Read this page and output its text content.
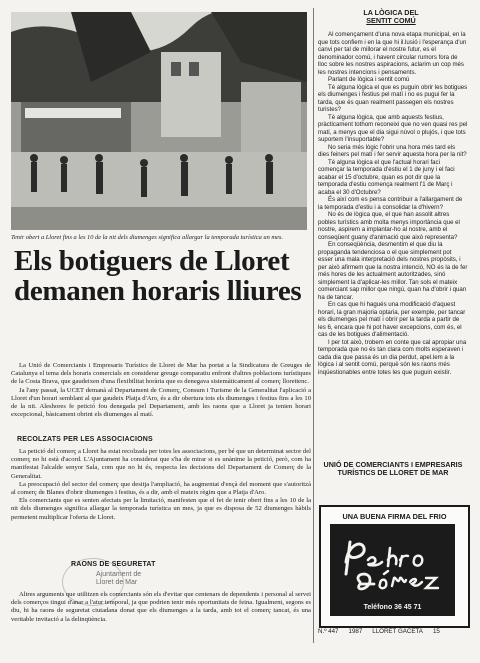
Tenir obert a Lloret fins a les 10 de la nit dels diumenges significa allargar la temporada turística un mes.
Els botiguers de Lloret demanen horaris lliures

La Unió de Comerciants i Empresaris Turístics de Lloret de Mar ha portat a la Sindicatura de Greuges de Catalunya el tema dels horaris comercials en considerar greuge comparatiu enfront d'altres poblacions turístiques de la Costa Brava, que gaudeixen d'una flexibilitat horària que es denegava sistemàticament al comerç llorettenc.

Ja l'any passat, la UCET demanà al Departament de Comerç, Consum i Turisme de la Generalitat l'aplicació a Lloret d'un horari semblant al que gaudeix Platja d'Aro, és a dir obertura tots els diumenges i festius fins a les 10 de la nit. Aleshores fe petició fou denegada pel Departament, amb les raons que a Lloret ja tenien horari excepcional, bàsicament obrint els diumenges al matí.

RECOLZATS PER LES ASSOCIACIONS

La petició del comerç a Lloret ha estat recolzada per totes les associacions, per bé que un determinat sector del comerç no hi està d'acord. L'Ajuntament ha considerat que s'ha de mirar si es unànime la petició, però, com ha manifestat l'alcalde senyor Sala, com que no hi és, respecta les decisions del Departament de Comerç de la Generalitat.

La preocupació del sector del comerç que desitja l'ampliació, ha augmentat d'ençà del moment que s'autoritzà al comerç de Blanes d'obrir diumenges i festius, és a dir, amb el mateix règim que a Platja d'Aro.

Els comerciants que es senten afectats per la limitació, manifesten que el fet de tenir obert fins a les 10 de la nit dels diumenges significa allargar la temporada turística un mes, ja que es disposa de 52 diumenges hàbils permetent multiplicar l'oferta de Lloret.

Ajuntament de
Lloret de Mar
RAONS DE SEGURETAT

Altres arguments que utilitzen els comerciants són els d'evitar que centenars de dependents i personal al servei dels comerços tingui d'anar a l'atur temporal, ja que podrien tenir més oportunitats de feina. Igualment, segons es diu, hi ha raons de seguretat ciutadana donat que els diumenges a la tarda, amb tot el comerç tancat, és una veritable invitació a la delinqüència.

LA LÒGICA DEL
SENTIT COMÚ

Al començament d'una nova etapa municipal, en la que tots confiem i en la que hi il.lusió i l'esperança d'un canvi per tal de millorar el nostre futur, es el denominador comú, i havent circular rumors fora de lloc sobre les nostres aspiracions, aclarim un cop més les nostres intencions i pensaments.

Parlant de lògica i sentit comú

Té alguna lògica el que es puguin obrir les botigues els diumenges i festius pel matí i no es pugui fer la tarda, que és quan realment passegen els nostres turistes?

Té alguna lògica, que amb aquests festius, pràcticament tothom reconeixi que no ven quasi res pel matí, a menys que el dia sigui núvol o plujós, i que tots suportem l'insuportable?

No seria més lògic l'obrir una hora més tard els dies feiners pel matí i fer servir aquesta hora per la nit?

Té alguna lògica el que l'actual horari faci començar la temporada d'estiu el 1 de juny i el faci acabar el 15 d'octubre, quan es pot dir que la temporada d'estiu comença realment l'1 de Març i acaba el 30 d'Octubre?

És així com es pensa contribuir a l'allargament de la temporada d'estiu i a consolidar la d'hivern?

No és de lògica que, el que han assolit altres pobles turístics amb molta menys importància que el nostre, aspirem a implantar-ho al nostre, amb el conseqüent guany d'animació que això representa?

En conseqüència, desmentim el que diu la propaganda tendenciosa o el que simplement pot esser una mala interpretació dels nostres propòsits, i per això afirmem que la nostra intenció, NO és la de fer més hores de les actualment autoritzades, sinó simplement la d'aplicar-les millor. Tan sols el mateix comerciant sap millor que ningú, quan ha d'obrir i quan ha de tancar.

En cas que hi hagués una modificació d'aquest horari, la gran majoria optaria, per exemple, per tancar els diumenges pel matí i obrir per la tarda a partir de les 6, encara que hi pot haver excepcions, com és, el cas de les botigues d'alimentació.

I per tot això, trobem en conte que cal apropiar una temporada que no és tan clara com molts esperaven i cada dia que passa és un dia perdut, apel.lem a la lògica i al sentit comú, perquè són les raons més inqüestionables entre totes les que puguin existir.

UNIÓ DE COMERCIANTS I EMPRESARIS TURÍSTICS DE LLORET DE MAR
UNA BUENA FIRMA DEL FRIO
Teléfono 36 45 71
N.º 447 1987 LLORET GACETA 15
